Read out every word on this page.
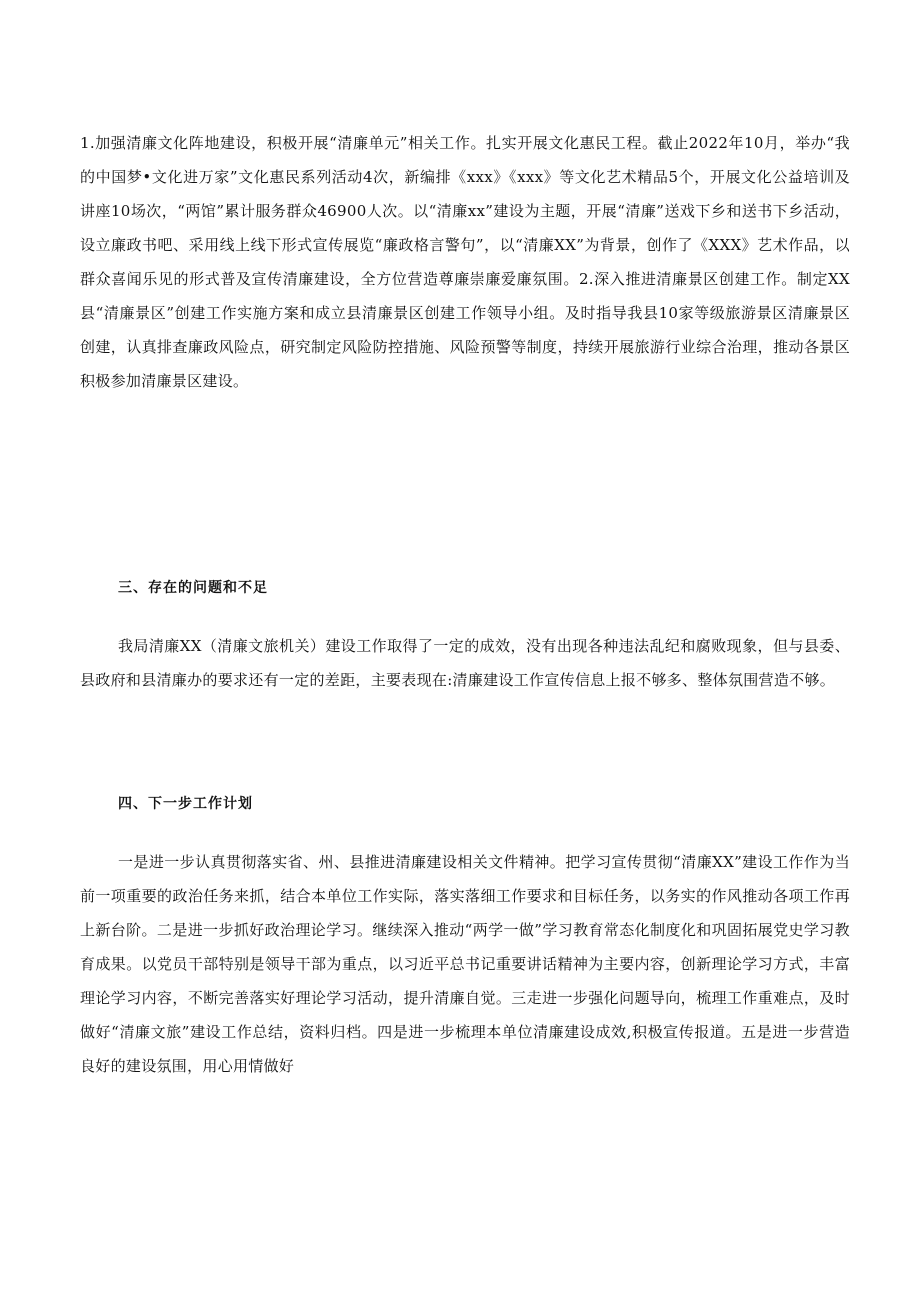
1.加强清廉文化阵地建设，积极开展“清廉单元”相关工作。扎实开展文化惠民工程。截止2022年10月，举办“我的中国梦•文化进万家”文化惠民系列活动4次，新编排《xxx》《xxx》等文化艺术精品5个，开展文化公益培训及讲座10场次，“两馆”累计服务群众46900人次。以“清廉xx”建设为主题，开展“清廉”送戏下乡和送书下乡活动，设立廉政书吧、采用线上线下形式宣传展览“廉政格言警句”，以“清廉XX”为背景，创作了《XXX》艺术作品，以群众喜闻乐见的形式普及宣传清廉建设，全方位营造尊廉崇廉爱廉氛围。2.深入推进清廉景区创建工作。制定XX县“清廉景区”创建工作实施方案和成立县清廉景区创建工作领导小组。及时指导我县10家等级旅游景区清廉景区创建，认真排查廉政风险点，研究制定风险防控措施、风险预警等制度，持续开展旅游行业综合治理，推动各景区积极参加清廉景区建设。
三、存在的问题和不足
我局清廉XX（清廉文旅机关）建设工作取得了一定的成效，没有出现各种违法乱纪和腐败现象，但与县委、县政府和县清廉办的要求还有一定的差距，主要表现在:清廉建设工作宣传信息上报不够多、整体氛围营造不够。
四、下一步工作计划
一是进一步认真贯彻落实省、州、县推进清廉建设相关文件精神。把学习宣传贯彻“清廉XX”建设工作作为当前一项重要的政治任务来抓，结合本单位工作实际，落实落细工作要求和目标任务，以务实的作风推动各项工作再上新台阶。二是进一步抓好政治理论学习。继续深入推动“两学一做”学习教育常态化制度化和巩固拓展党史学习教育成果。以党员干部特别是领导干部为重点，以习近平总书记重要讲话精神为主要内容，创新理论学习方式，丰富理论学习内容，不断完善落实好理论学习活动，提升清廉自觉。三走进一步强化问题导向，梳理工作重难点，及时做好“清廉文旅”建设工作总结，资料归档。四是进一步梳理本单位清廉建设成效,积极宣传报道。五是进一步营造良好的建设氛围，用心用情做好
